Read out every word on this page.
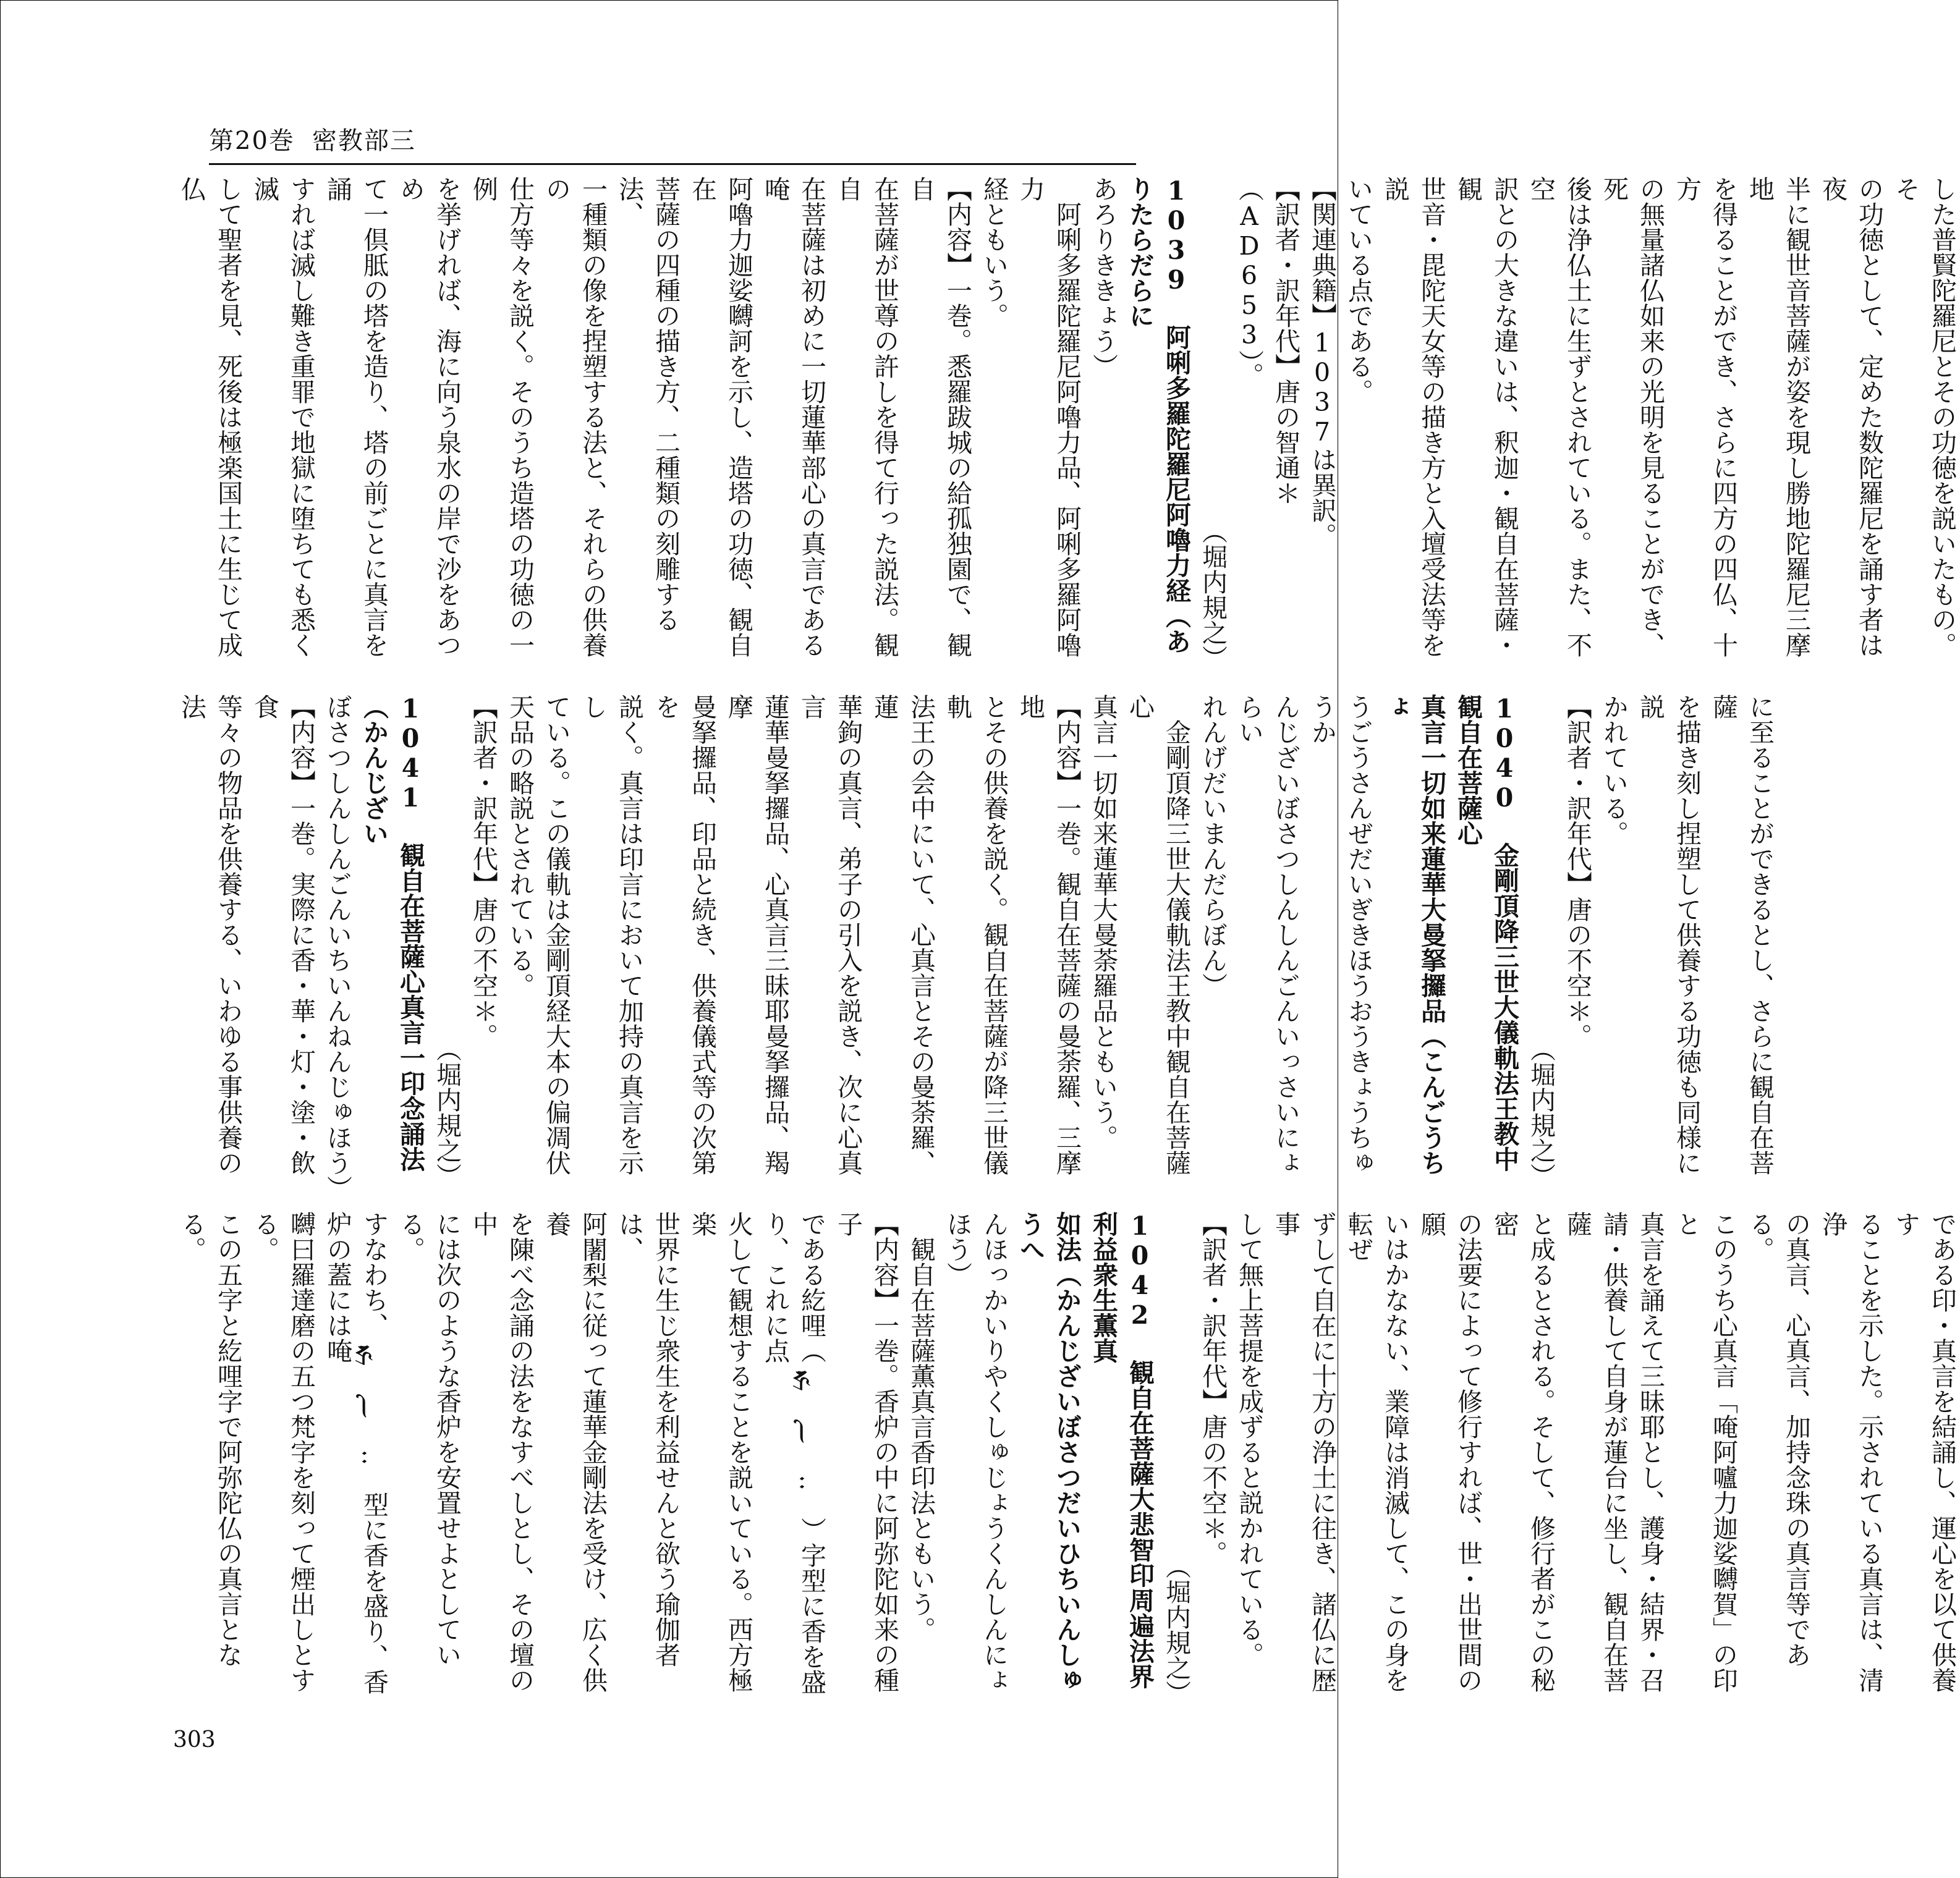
第20巻 密教部三
した普賢陀羅尼とその功徳を説いたもの。そ
の功徳として、定めた数陀羅尼を誦す者は夜
半に観世音菩薩が姿を現し勝地陀羅尼三摩地
を得ることができ、さらに四方の四仏、十方
の無量諸仏如来の光明を見ることができ、死
後は浄仏土に生ずとされている。また、不空
訳との大きな違いは、釈迦・観自在菩薩・観
世音・毘陀天女等の描き方と入壇受法等を説
いている点である。
【関連典籍】1037は異訳。
【訳者・訳年代】唐の智通＊（AD653）。
（堀内規之）
1039 阿唎多羅陀羅尼阿嚕力経（ありたらだらに
あろりききょう）
　阿唎多羅陀羅尼阿嚕力品、阿唎多羅阿嚕力
経ともいう。
【内容】一巻。悉羅跋城の給孤独園で、観自
在菩薩が世尊の許しを得て行った説法。観自
在菩薩は初めに一切蓮華部心の真言である唵
阿嚕力迦娑嚩訶を示し、造塔の功徳、観自在
菩薩の四種の描き方、二種類の刻雕する法、
一種類の像を捏塑する法と、それらの供養の
仕方等々を説く。そのうち造塔の功徳の一例
を挙げれば、海に向う泉水の岸で沙をあつめ
て一倶胝の塔を造り、塔の前ごとに真言を誦
すれば滅し難き重罪で地獄に堕ちても悉く滅
して聖者を見、死後は極楽国土に生じて成仏
に至ることができるとし、さらに観自在菩薩
を描き刻し捏塑して供養する功徳も同様に説
かれている。
【訳者・訳年代】唐の不空＊。
（堀内規之）
1040 金剛頂降三世大儀軌法王教中観自在菩薩心
真言一切如来蓮華大曼拏攞品（こんごうちょ
うごうさんぜだいぎきほうおうきょうちゅうか
んじざいぼさつしんしんごんいっさいにょらい
れんげだいまんだらぼん）
　金剛頂降三世大儀軌法王教中観自在菩薩心
真言一切如来蓮華大曼荼羅品ともいう。
【内容】一巻。観自在菩薩の曼荼羅、三摩地
とその供養を説く。観自在菩薩が降三世儀軌
法王の会中にいて、心真言とその曼荼羅、蓮
華鉤の真言、弟子の引入を説き、次に心真言
蓮華曼拏攞品、心真言三昧耶曼拏攞品、羯摩
曼拏攞品、印品と続き、供養儀式等の次第を
説く。真言は印言において加持の真言を示し
ている。この儀軌は金剛頂経大本の偏凋伏
天品の略説とされている。
【訳者・訳年代】唐の不空＊。
（堀内規之）
1041 観自在菩薩心真言一印念誦法（かんじざい
ぼさつしんしんごんいちいんねんじゅほう）
【内容】一巻。実際に香・華・灯・塗・飲食
等々の物品を供養する、いわゆる事供養の法
である印・真言を結誦し、運心を以て供養す
ることを示した。示されている真言は、清浄
の真言、心真言、加持念珠の真言等である。
このうち心真言「唵阿嚧力迦娑嚩賀」の印と
真言を誦えて三昧耶とし、護身・結界・召
請・供養して自身が蓮台に坐し、観自在菩薩
と成るとされる。そして、修行者がこの秘密
の法要によって修行すれば、世・出世間の願
いはかなない、業障は消滅して、この身を転ぜ
ずして自在に十方の浄土に往き、諸仏に歴事
して無上菩提を成ずると説かれている。
【訳者・訳年代】唐の不空＊。
（堀内規之）
1042 観自在菩薩大悲智印周遍法界利益衆生薫真
如法（かんじざいぼさつだいひちいんしゅうへ
んほっかいりやくしゅじょうくんしんにょほう）
　観自在菩薩薫真言香印法ともいう。
【内容】一巻。香炉の中に阿弥陀如来の種子
である紇哩（𑖮𑖿𑖨𑖱𑖾）字型に香を盛り、これに点
火して観想することを説いている。西方極楽
世界に生じ衆生を利益せんと欲う瑜伽者は、
阿闍梨に従って蓮華金剛法を受け、広く供養
を陳べ念誦の法をなすべしとし、その壇の中
には次のような香炉を安置せよとしている。
すなわち、𑖮𑖿𑖨𑖱𑖾型に香を盛り、香炉の蓋には唵
嚩曰羅達磨の五つ梵字を刻って煙出しとする。
この五字と紇哩字で阿弥陀仏の真言となる。
303
